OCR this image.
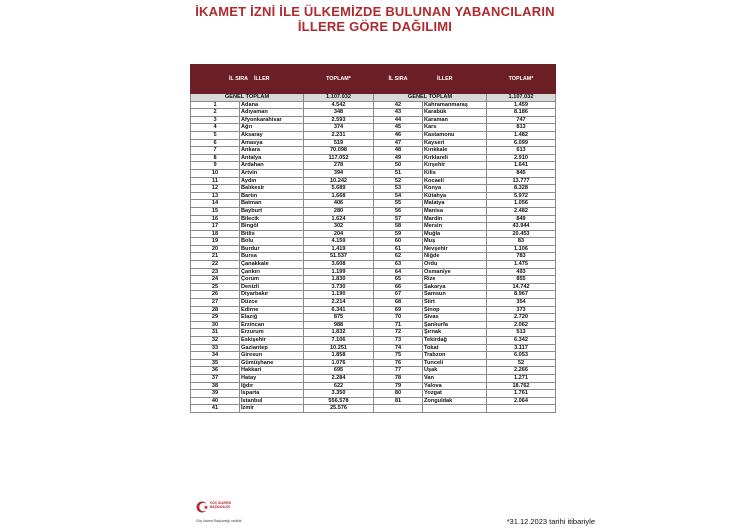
İKAMET İZNİ İLE ÜLKEMİZDE BULUNAN YABANCILARIN
İLLERE GÖRE DAĞILIMI
İL SIRA	İLLER	TOPLAM*	İL SIRA	İLLER	TOPLAM*
GENEL TOPLAM		1.107.032	GENEL TOPLAM		1.107.032
1	Adana	4.542	42	Kahramanmaraş	1.459
2	Adıyaman	348	43	Karabük	8.186
3	Afyonkarahisar	2.593	44	Karaman	747
4	Ağrı	374	45	Kars	813
5	Aksaray	2.231	46	Kastamonu	1.482
6	Amasya	519	47	Kayseri	6.099
7	Ankara	70.098	48	Kırıkkale	613
8	Antalya	117.052	49	Kırklareli	2.910
9	Ardahan	278	50	Kırşehir	1.641
10	Artvin	394	51	Kilis	845
11	Aydın	10.242	52	Kocaeli	13.777
12	Balıkesir	5.689	53	Konya	8.328
13	Bartın	1.668	54	Kütahya	5.972
14	Batman	406	55	Malatya	1.056
15	Bayburt	280	56	Manisa	2.482
16	Bilecik	1.624	57	Mardin	849
17	Bingöl	302	58	Mersin	43.944
18	Bitlis	204	59	Muğla	20.453
19	Bolu	4.159	60	Muş	83
20	Burdur	1.419	61	Nevşehir	1.106
21	Bursa	51.537	62	Niğde	783
22	Çanakkale	3.608	63	Ordu	1.475
23	Çankırı	1.199	64	Osmaniye	493
24	Çorum	1.830	65	Rize	855
25	Denizli	3.730	66	Sakarya	14.742
26	Diyarbakır	1.190	67	Samsun	8.967
27	Düzce	2.214	68	Siirt	354
28	Edirne	6.341	69	Sinop	373
29	Elazığ	875	70	Sivas	2.720
30	Erzincan	988	71	Şanlıurfa	2.062
31	Erzurum	1.832	72	Şırnak	513
32	Eskişehir	7.106	73	Tekirdağ	6.342
33	Gaziantep	10.251	74	Tokat	3.117
34	Giresun	1.858	75	Trabzon	6.053
35	Gümüşhane	1.076	76	Tunceli	52
36	Hakkari	695	77	Uşak	2.266
37	Hatay	2.284	78	Van	1.271
38	Iğdır	622	79	Yalova	18.762
39	Isparta	3.350	80	Yozgat	1.761
40	İstanbul	556.578	81	Zonguldak	2.064
41	İzmir	25.576			
GÖÇ İDARESİ
BAŞKANLIĞI
Göç İdaresi Başkanlığı verilidir	*31.12.2023 tarihi itibariyle
